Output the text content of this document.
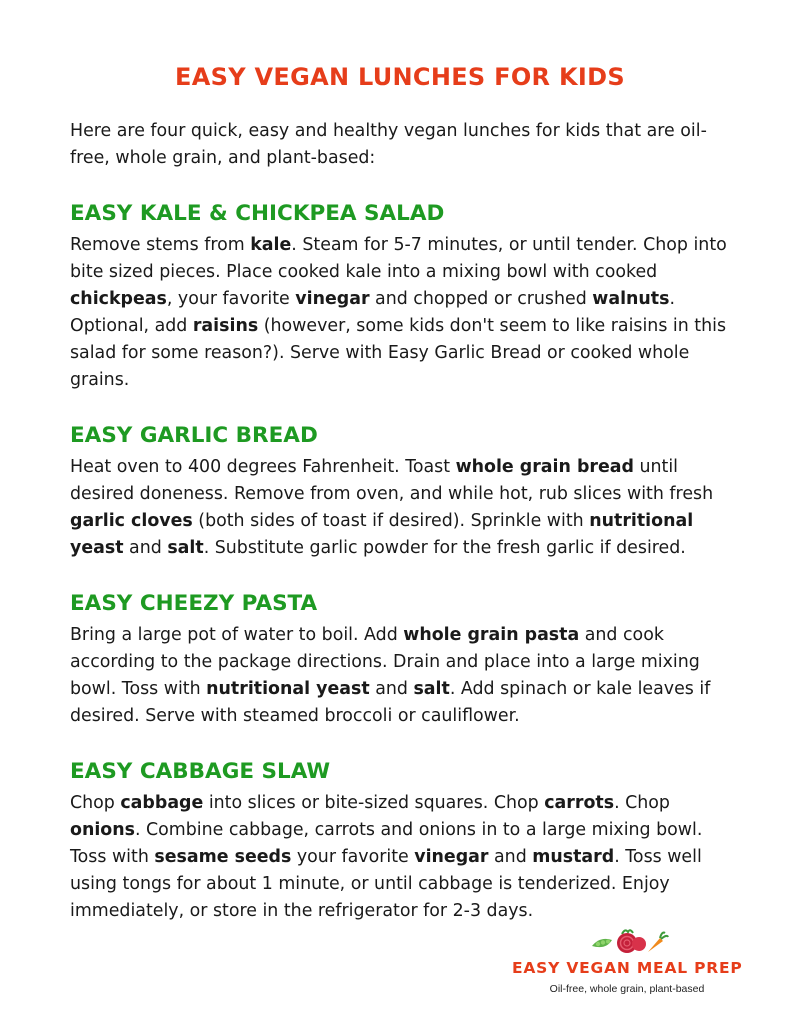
EASY VEGAN LUNCHES FOR KIDS

Here are four quick, easy and healthy vegan lunches for kids that are oil-free, whole grain, and plant-based:

EASY KALE & CHICKPEA SALAD

Remove stems from kale. Steam for 5-7 minutes, or until tender. Chop into bite sized pieces. Place cooked kale into a mixing bowl with cooked chickpeas, your favorite vinegar and chopped or crushed walnuts. Optional, add raisins (however, some kids don't seem to like raisins in this salad for some reason?). Serve with Easy Garlic Bread or cooked whole grains.

EASY GARLIC BREAD

Heat oven to 400 degrees Fahrenheit. Toast whole grain bread until desired doneness. Remove from oven, and while hot, rub slices with fresh garlic cloves (both sides of toast if desired). Sprinkle with nutritional yeast and salt. Substitute garlic powder for the fresh garlic if desired.

EASY CHEEZY PASTA

Bring a large pot of water to boil. Add whole grain pasta and cook according to the package directions. Drain and place into a large mixing bowl. Toss with nutritional yeast and salt. Add spinach or kale leaves if desired. Serve with steamed broccoli or cauliflower.

EASY CABBAGE SLAW

Chop cabbage into slices or bite-sized squares. Chop carrots. Chop onions. Combine cabbage, carrots and onions in to a large mixing bowl. Toss with sesame seeds your favorite vinegar and mustard. Toss well using tongs for about 1 minute, or until cabbage is tenderized. Enjoy immediately, or store in the refrigerator for 2-3 days.

EASY VEGAN MEAL PREP
Oil-free, whole grain, plant-based
